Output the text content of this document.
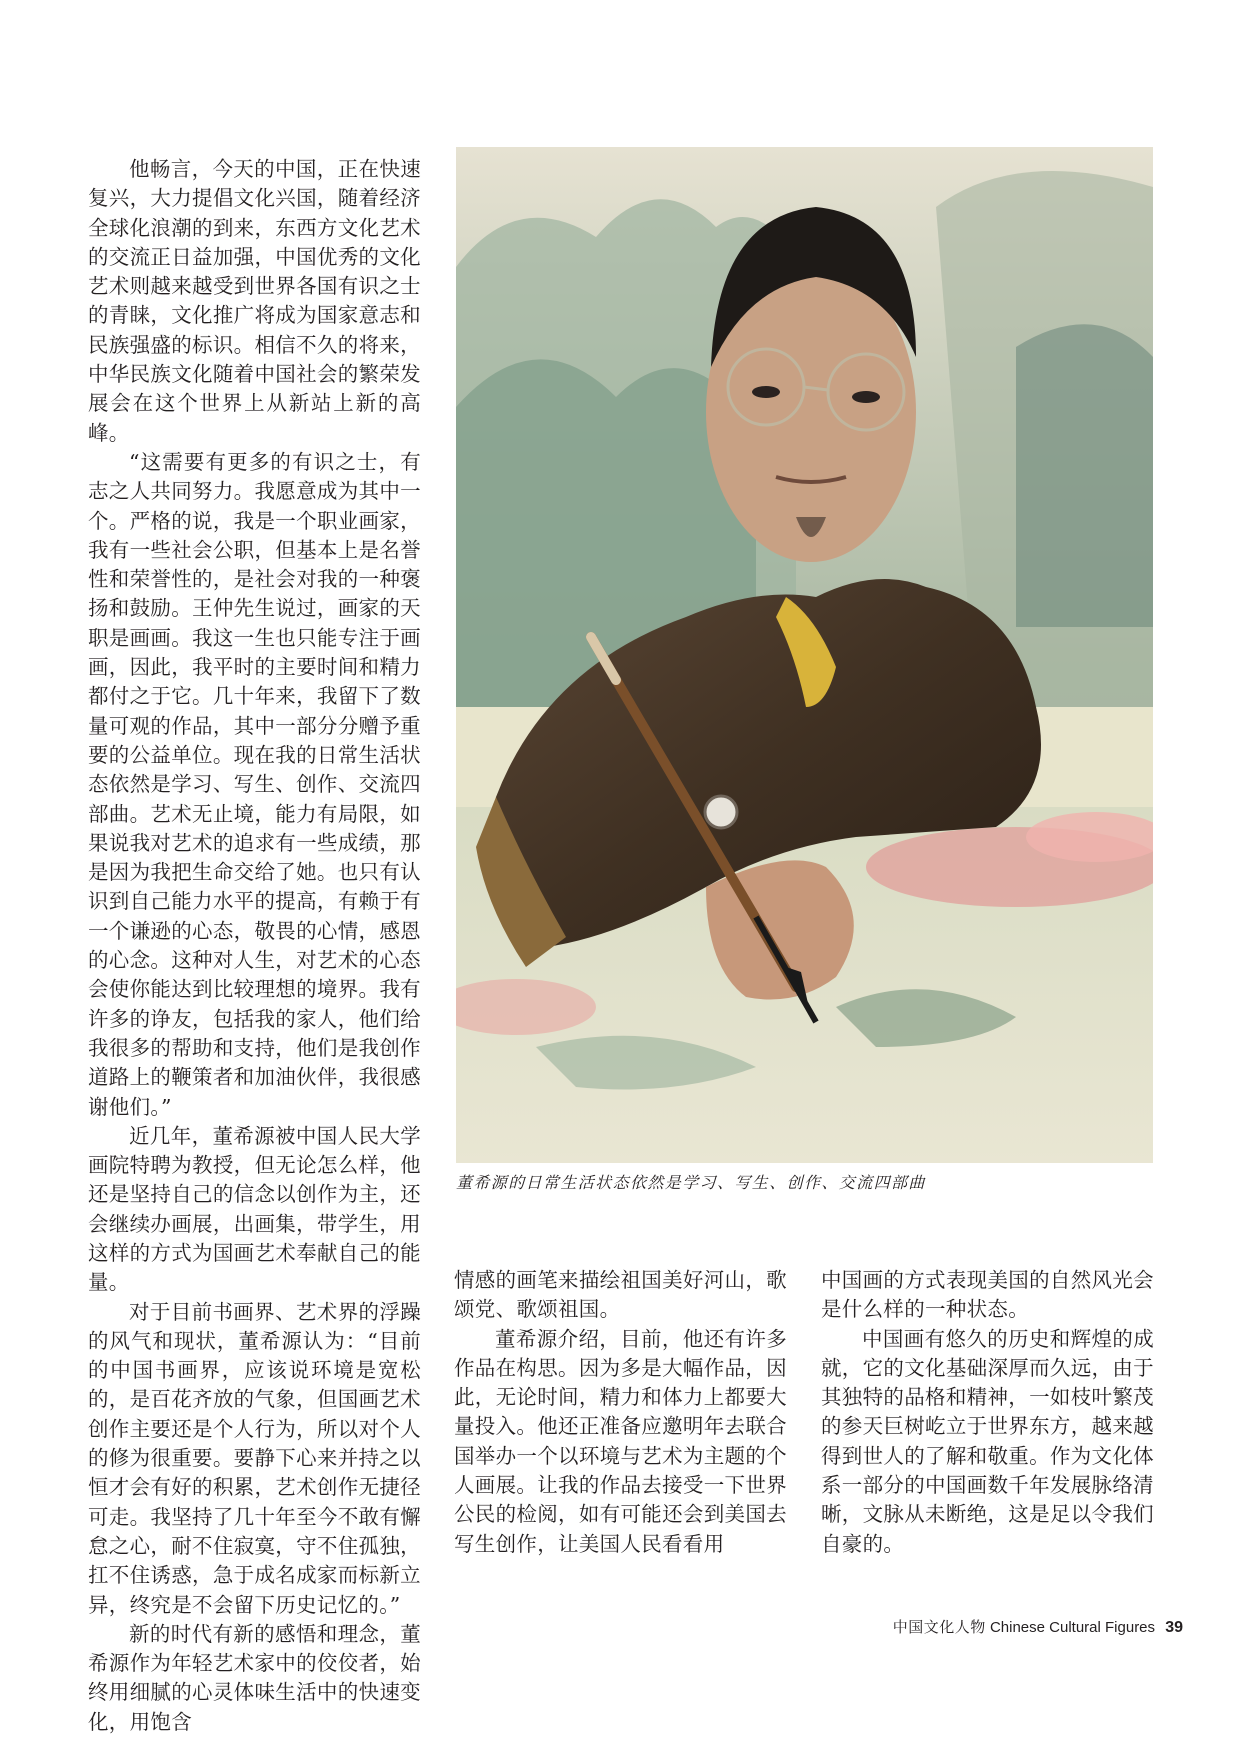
他畅言，今天的中国，正在快速复兴，大力提倡文化兴国，随着经济全球化浪潮的到来，东西方文化艺术的交流正日益加强，中国优秀的文化艺术则越来越受到世界各国有识之士的青睐，文化推广将成为国家意志和民族强盛的标识。相信不久的将来，中华民族文化随着中国社会的繁荣发展会在这个世界上从新站上新的高峰。

“这需要有更多的有识之士，有志之人共同努力。我愿意成为其中一个。严格的说，我是一个职业画家，我有一些社会公职，但基本上是名誉性和荣誉性的，是社会对我的一种褒扬和鼓励。王仲先生说过，画家的天职是画画。我这一生也只能专注于画画，因此，我平时的主要时间和精力都付之于它。几十年来，我留下了数量可观的作品，其中一部分分赠予重要的公益单位。现在我的日常生活状态依然是学习、写生、创作、交流四部曲。艺术无止境，能力有局限，如果说我对艺术的追求有一些成绩，那是因为我把生命交给了她。也只有认识到自己能力水平的提高，有赖于有一个谦逊的心态，敬畏的心情，感恩的心念。这种对人生，对艺术的心态会使你能达到比较理想的境界。我有许多的诤友，包括我的家人，他们给我很多的帮助和支持，他们是我创作道路上的鞭策者和加油伙伴，我很感谢他们。”

近几年，董希源被中国人民大学画院特聘为教授，但无论怎么样，他还是坚持自己的信念以创作为主，还会继续办画展，出画集，带学生，用这样的方式为国画艺术奉献自己的能量。

对于目前书画界、艺术界的浮躁的风气和现状，董希源认为：“目前的中国书画界，应该说环境是宽松的，是百花齐放的气象，但国画艺术创作主要还是个人行为，所以对个人的修为很重要。要静下心来并持之以恒才会有好的积累，艺术创作无捷径可走。我坚持了几十年至今不敢有懈怠之心，耐不住寂寞，守不住孤独，扛不住诱惑，急于成名成家而标新立异，终究是不会留下历史记忆的。”

新的时代有新的感悟和理念，董希源作为年轻艺术家中的佼佼者，始终用细腻的心灵体味生活中的快速变化，用饱含

董希源的日常生活状态依然是学习、写生、创作、交流四部曲

情感的画笔来描绘祖国美好河山，歌颂党、歌颂祖国。

董希源介绍，目前，他还有许多作品在构思。因为多是大幅作品，因此，无论时间，精力和体力上都要大量投入。他还正准备应邀明年去联合国举办一个以环境与艺术为主题的个人画展。让我的作品去接受一下世界公民的检阅，如有可能还会到美国去写生创作，让美国人民看看用

中国画的方式表现美国的自然风光会是什么样的一种状态。

中国画有悠久的历史和辉煌的成就，它的文化基础深厚而久远，由于其独特的品格和精神，一如枝叶繁茂的参天巨树屹立于世界东方，越来越得到世人的了解和敬重。作为文化体系一部分的中国画数千年发展脉络清晰，文脉从未断绝，这是足以令我们自豪的。

中国文化人物 Chinese Cultural Figures 39
